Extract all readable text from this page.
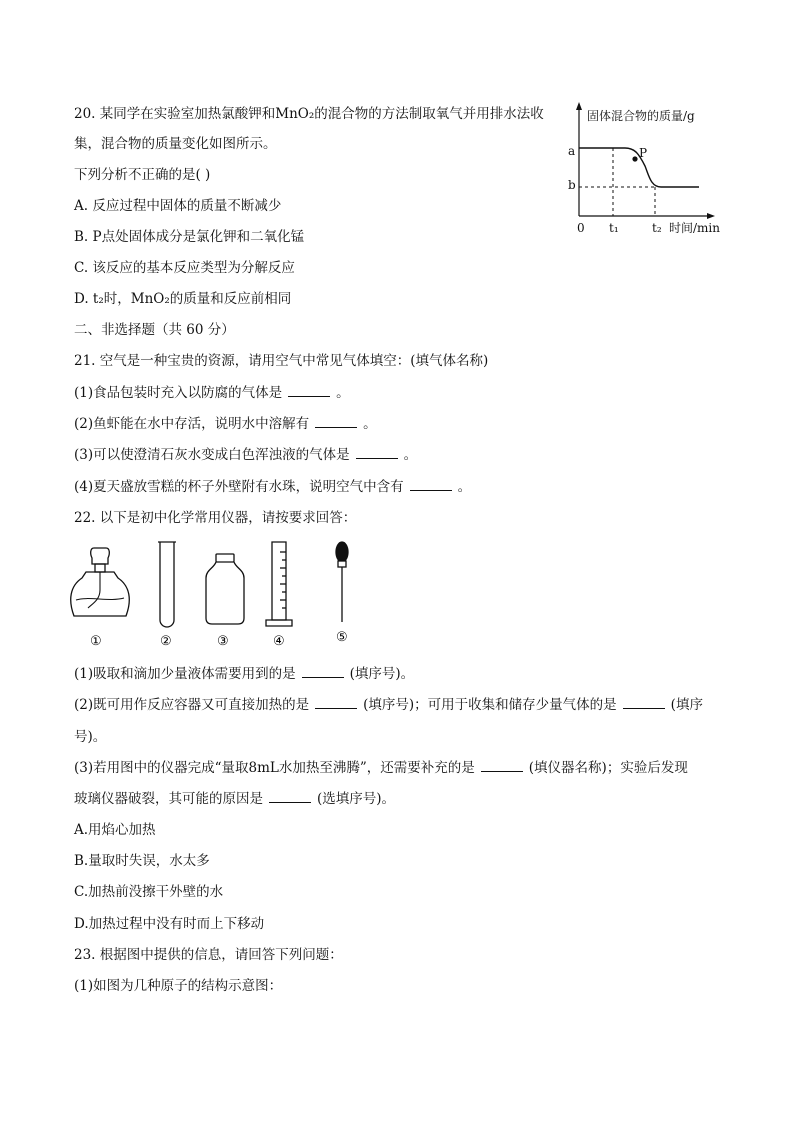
20. 某同学在实验室加热氯酸钾和MnO₂的混合物的方法制取氧气并用排水法收
集，混合物的质量变化如图所示。
下列分析不正确的是( )
A. 反应过程中固体的质量不断减少
B. P点处固体成分是氯化钾和二氧化锰
C. 该反应的基本反应类型为分解反应
D. t₂时，MnO₂的质量和反应前相同
固体混合物的质量/g
a
b
0 t₁	t₂ 时间/min
P
二、非选择题（共 60 分）
21. 空气是一种宝贵的资源，请用空气中常见气体填空：(填气体名称)
(1)食品包装时充入以防腐的气体是	。
(2)鱼虾能在水中存活，说明水中溶解有	。
(3)可以使澄清石灰水变成白色浑浊液的气体是	。
(4)夏天盛放雪糕的杯子外壁附有水珠，说明空气中含有	。
22. 以下是初中化学常用仪器，请按要求回答：
①	②	③	④	⑤
(1)吸取和滴加少量液体需要用到的是	(填序号)。
(2)既可用作反应容器又可直接加热的是	(填序号)；可用于收集和储存少量气体的是	(填序
号)。
(3)若用图中的仪器完成“量取8mL水加热至沸腾”，还需要补充的是	(填仪器名称)；实验后发现
玻璃仪器破裂，其可能的原因是	(选填序号)。
A.用焰心加热
B.量取时失误，水太多
C.加热前没擦干外壁的水
D.加热过程中没有时而上下移动
23. 根据图中提供的信息，请回答下列问题：
(1)如图为几种原子的结构示意图：
